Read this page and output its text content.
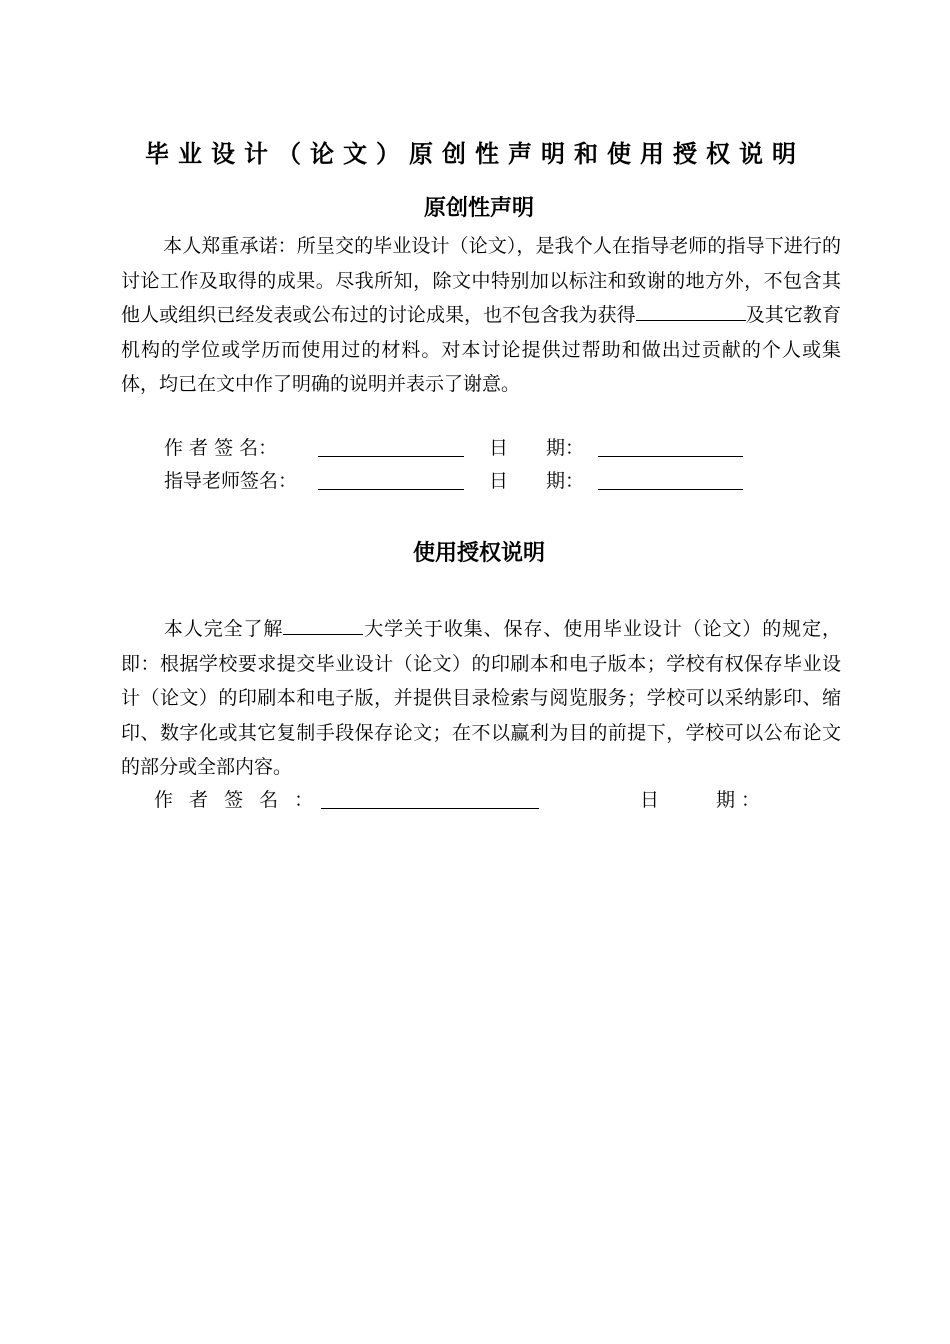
毕业设计（论文）原创性声明和使用授权说明
原创性声明
本人郑重承诺：所呈交的毕业设计（论文），是我个人在指导老师的指导下进行的讨论工作及取得的成果。尽我所知，除文中特别加以标注和致谢的地方外，不包含其他人或组织已经发表或公布过的讨论成果，也不包含我为获得	及其它教育机构的学位或学历而使用过的材料。对本讨论提供过帮助和做出过贡献的个人或集体，均已在文中作了明确的说明并表示了谢意。
作 者 签 名：	日　　期：
指导老师签名：	日　　期：
使用授权说明
本人完全了解	大学关于收集、保存、使用毕业设计（论文）的规定，即：根据学校要求提交毕业设计（论文）的印刷本和电子版本；学校有权保存毕业设计（论文）的印刷本和电子版，并提供目录检索与阅览服务；学校可以采纳影印、缩印、数字化或其它复制手段保存论文；在不以赢利为目的前提下，学校可以公布论文的部分或全部内容。
作 者 签 名 ：	日　　　期 ：
